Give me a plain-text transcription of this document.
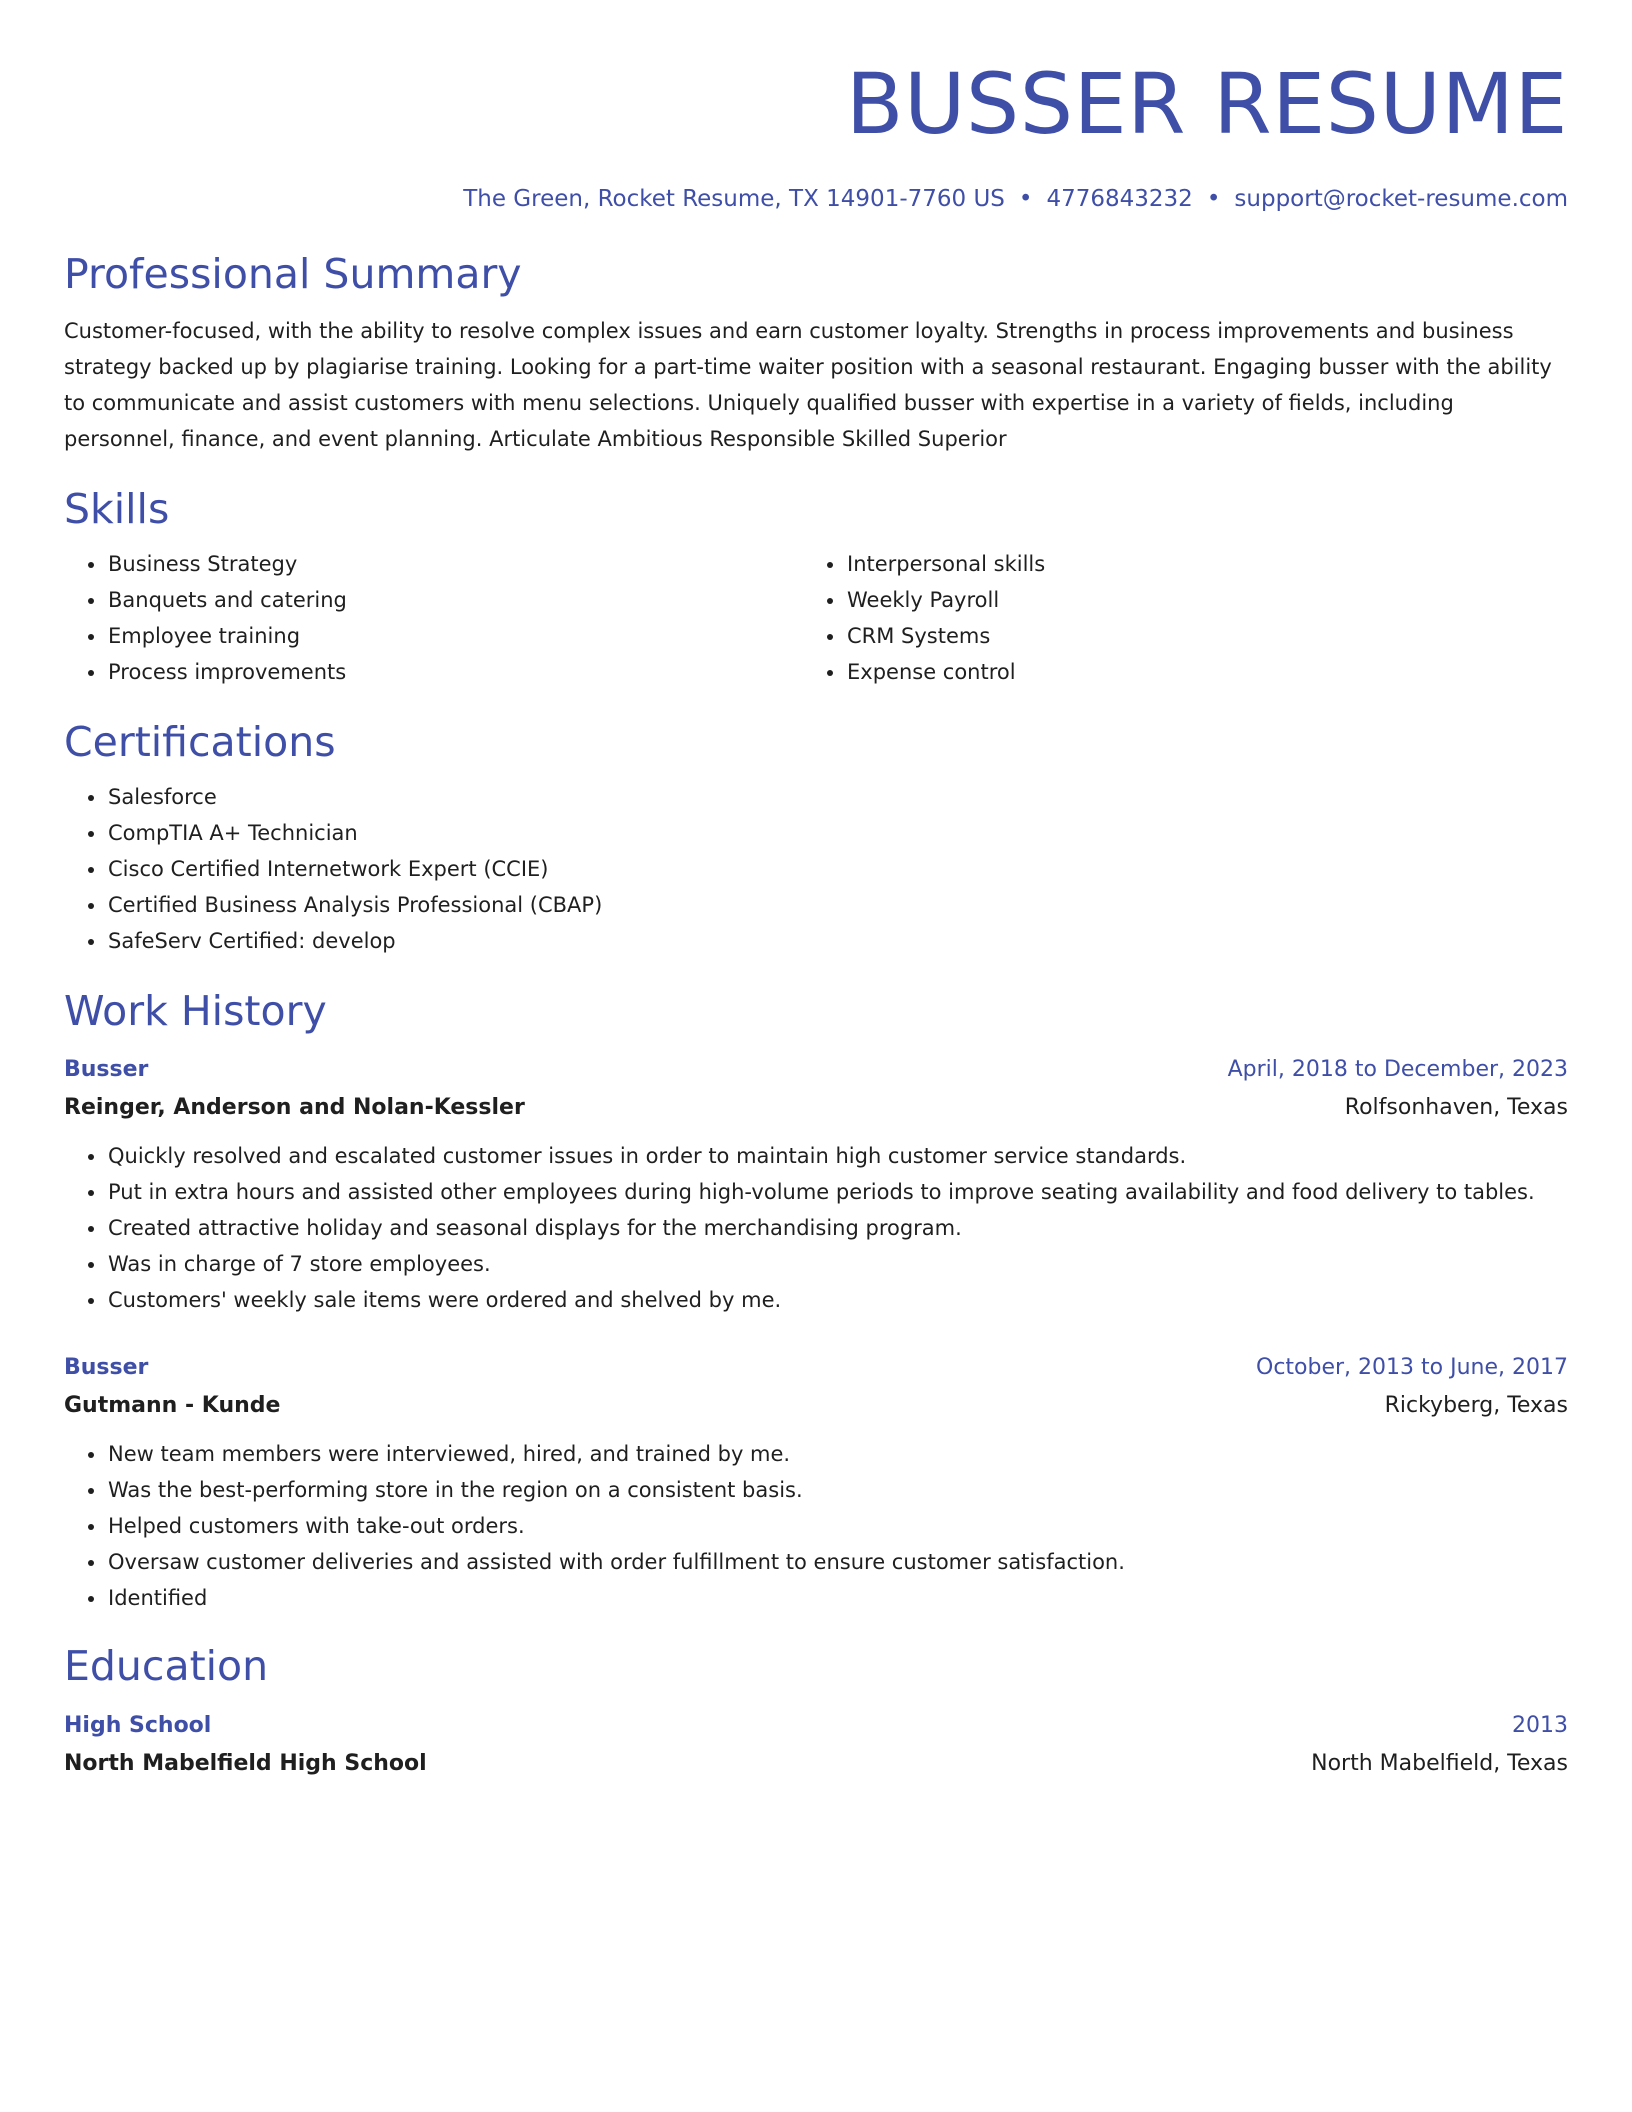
BUSSER RESUME
The Green, Rocket Resume, TX 14901-7760 US • 4776843232 • support@rocket-resume.com
Professional Summary

Customer-focused, with the ability to resolve complex issues and earn customer loyalty. Strengths in process improvements and business strategy backed up by plagiarise training. Looking for a part-time waiter position with a seasonal restaurant. Engaging busser with the ability to communicate and assist customers with menu selections. Uniquely qualified busser with expertise in a variety of fields, including personnel, finance, and event planning. Articulate Ambitious Responsible Skilled Superior

Skills
• Business Strategy
• Banquets and catering
• Employee training
• Process improvements
• Interpersonal skills
• Weekly Payroll
• CRM Systems
• Expense control
Certifications
• Salesforce
• CompTIA A+ Technician
• Cisco Certified Internetwork Expert (CCIE)
• Certified Business Analysis Professional (CBAP)
• SafeServ Certified: develop
Work History
Busser	April, 2018 to December, 2023
Reinger, Anderson and Nolan-Kessler	Rolfsonhaven, Texas
• Quickly resolved and escalated customer issues in order to maintain high customer service standards.
• Put in extra hours and assisted other employees during high-volume periods to improve seating availability and food delivery to tables.
• Created attractive holiday and seasonal displays for the merchandising program.
• Was in charge of 7 store employees.
• Customers' weekly sale items were ordered and shelved by me.
Busser	October, 2013 to June, 2017
Gutmann - Kunde	Rickyberg, Texas
• New team members were interviewed, hired, and trained by me.
• Was the best-performing store in the region on a consistent basis.
• Helped customers with take-out orders.
• Oversaw customer deliveries and assisted with order fulfillment to ensure customer satisfaction.
• Identified
Education
High School	2013
North Mabelfield High School	North Mabelfield, Texas
